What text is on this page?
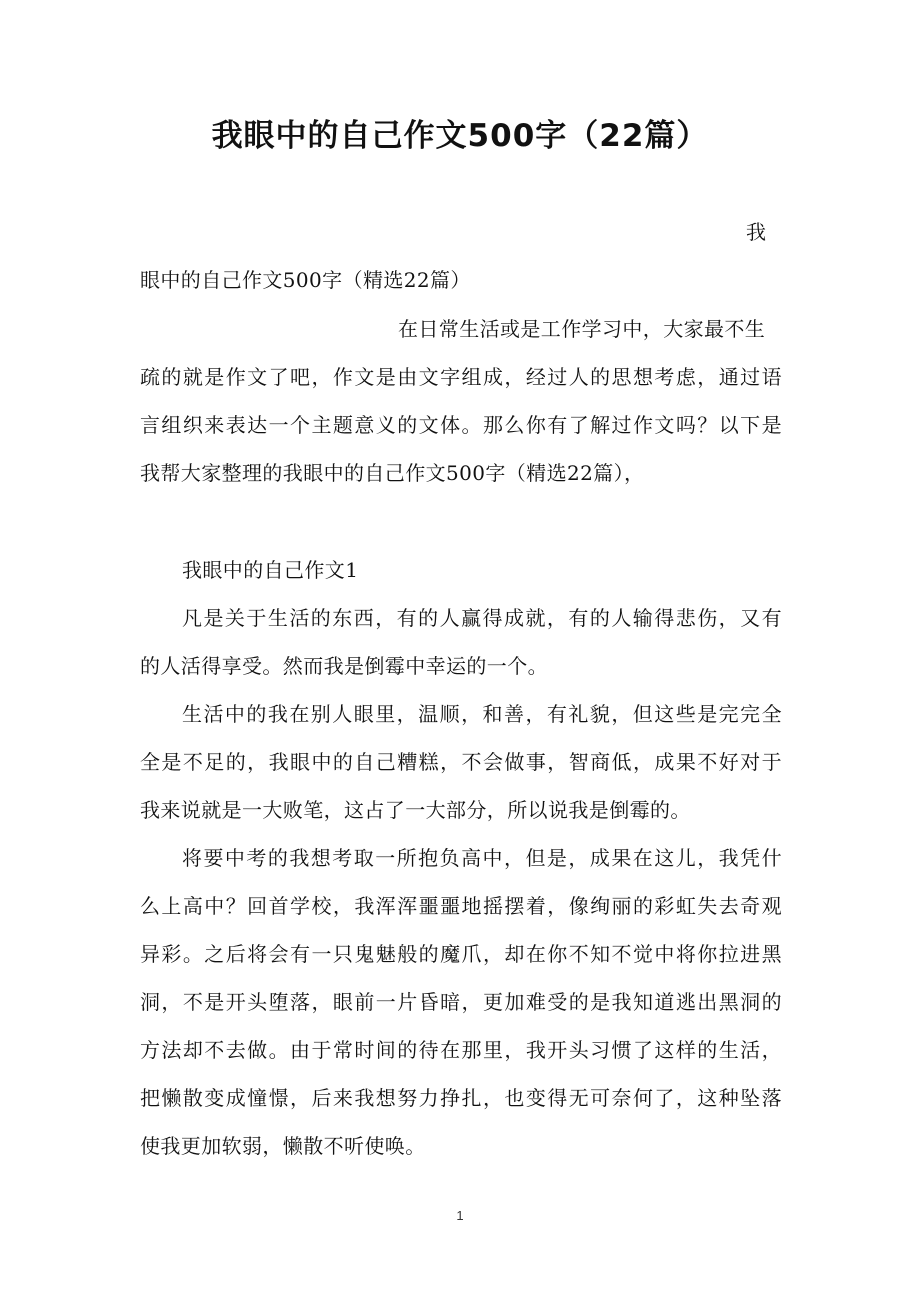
我眼中的自己作文500字（22篇）
我
眼中的自己作文500字（精选22篇）
在日常生活或是工作学习中，大家最不生
疏的就是作文了吧，作文是由文字组成，经过人的思想考虑，通过语
言组织来表达一个主题意义的文体。那么你有了解过作文吗？以下是
我帮大家整理的我眼中的自己作文500字（精选22篇），
我眼中的自己作文1
凡是关于生活的东西，有的人赢得成就，有的人输得悲伤，又有
的人活得享受。然而我是倒霉中幸运的一个。
生活中的我在别人眼里，温顺，和善，有礼貌，但这些是完完全
全是不足的，我眼中的自己糟糕，不会做事，智商低，成果不好对于
我来说就是一大败笔，这占了一大部分，所以说我是倒霉的。
将要中考的我想考取一所抱负高中，但是，成果在这儿，我凭什
么上高中？回首学校，我浑浑噩噩地摇摆着，像绚丽的彩虹失去奇观
异彩。之后将会有一只鬼魅般的魔爪，却在你不知不觉中将你拉进黑
洞，不是开头堕落，眼前一片昏暗，更加难受的是我知道逃出黑洞的
方法却不去做。由于常时间的待在那里，我开头习惯了这样的生活，
把懒散变成憧憬，后来我想努力挣扎，也变得无可奈何了，这种坠落
使我更加软弱，懒散不听使唤。
1
